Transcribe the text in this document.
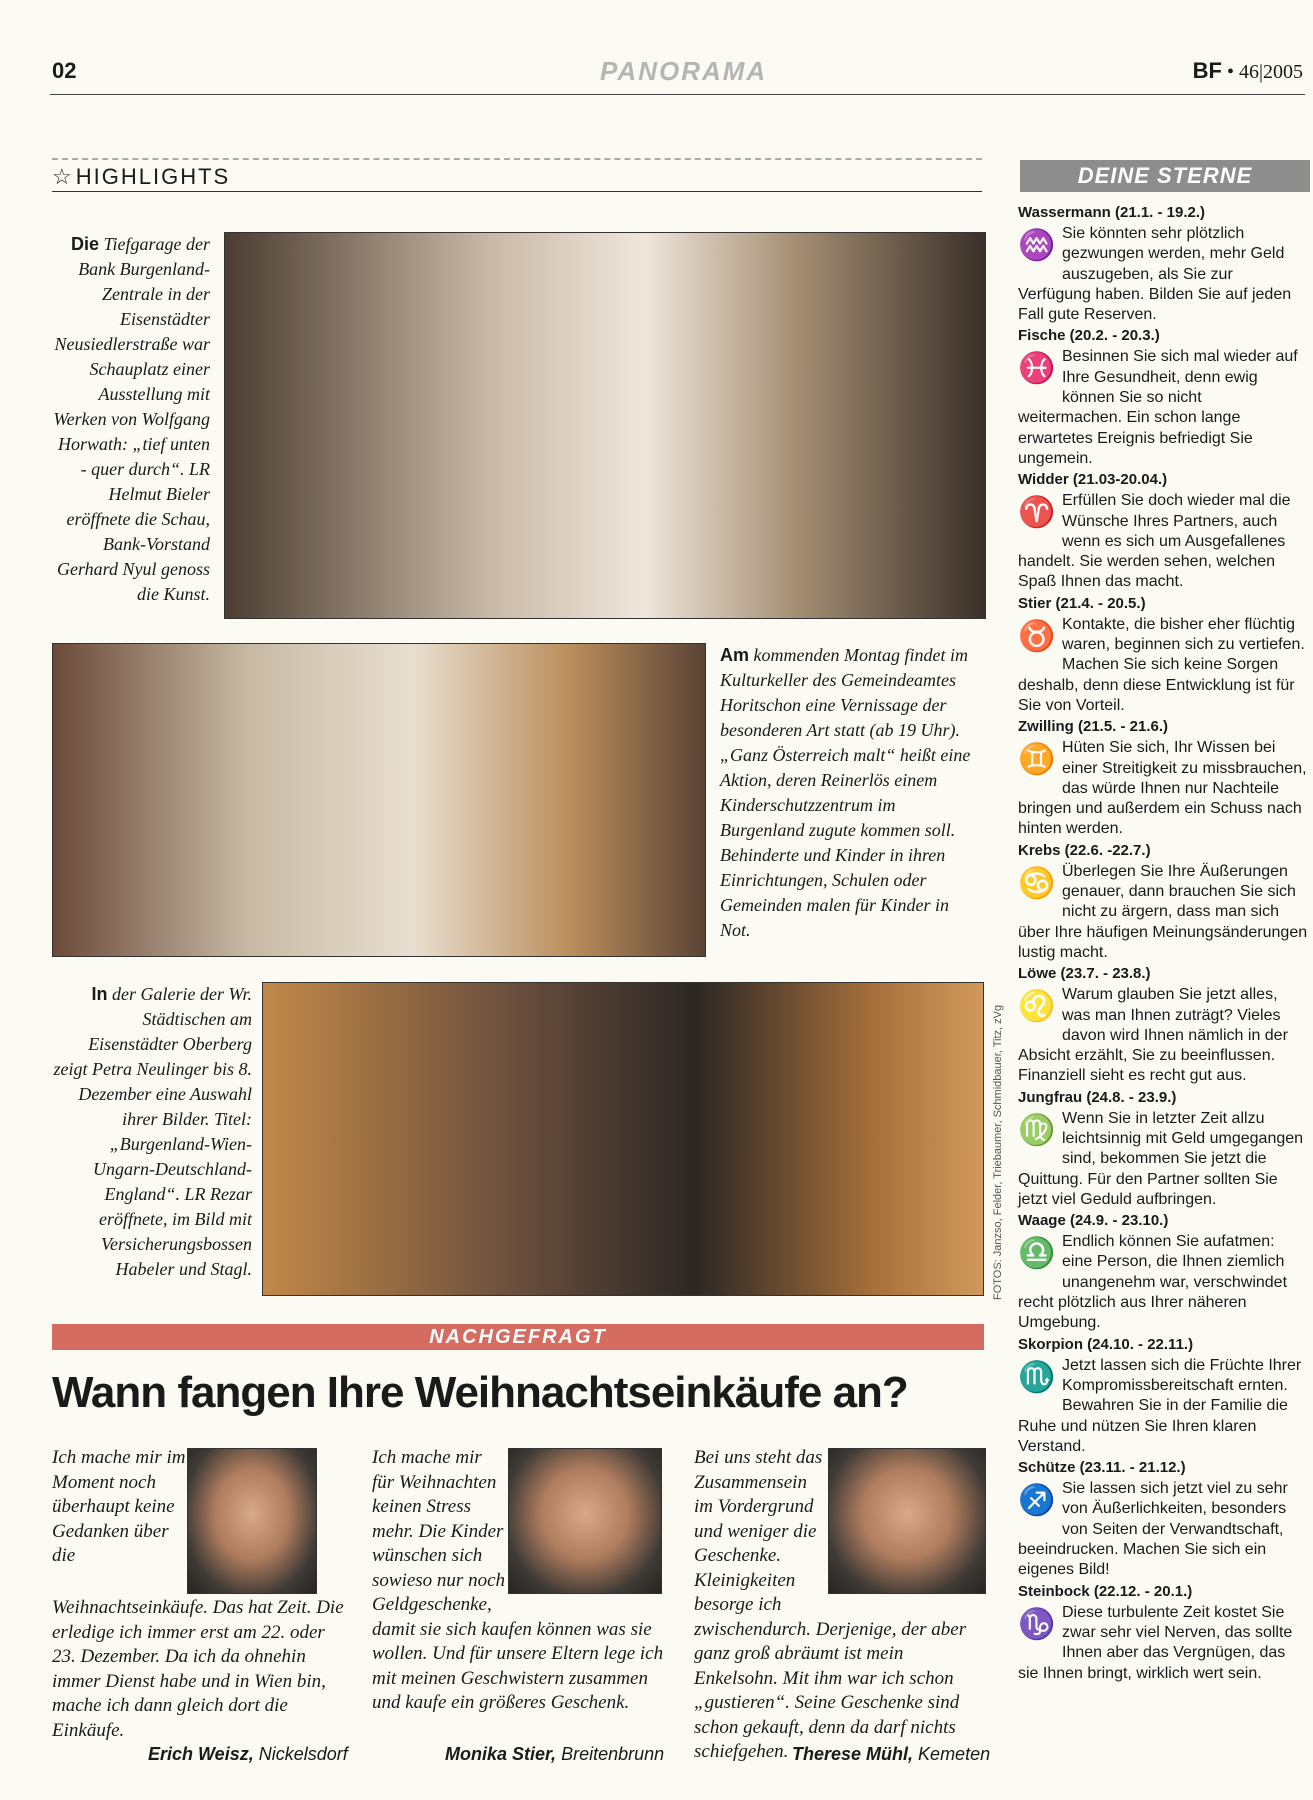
02	PANORAMA	BF • 46|2005
☆HIGHLIGHTS
Die Tiefgarage der Bank Burgenland-Zentrale in der Eisenstädter Neusiedlerstraße war Schauplatz einer Ausstellung mit Werken von Wolfgang Horwath: „tief unten - quer durch“. LR Helmut Bieler eröffnete die Schau, Bank-Vorstand Gerhard Nyul genoss die Kunst.
Am kommenden Montag findet im Kulturkeller des Gemeindeamtes Horitschon eine Vernissage der besonderen Art statt (ab 19 Uhr). „Ganz Österreich malt“ heißt eine Aktion, deren Reinerlös einem Kinderschutzzentrum im Burgenland zugute kommen soll. Behinderte und Kinder in ihren Einrichtungen, Schulen oder Gemeinden malen für Kinder in Not.
In der Galerie der Wr. Städtischen am Eisenstädter Oberberg zeigt Petra Neulinger bis 8. Dezember eine Auswahl ihrer Bilder. Titel: „Burgenland-Wien-Ungarn-Deutschland-England“. LR Rezar eröffnete, im Bild mit Versicherungsbossen Habeler und Stagl.	FOTOS: Janzso, Felder, Triebaumer, Schmidbauer, Titz, zVg
NACHGEFRAGT
Wann fangen Ihre Weihnachtseinkäufe an?
Ich mache mir im Moment noch überhaupt keine Gedanken über die Weihnachtseinkäufe. Das hat Zeit. Die erledige ich immer erst am 22. oder 23. Dezember. Da ich da ohnehin immer Dienst habe und in Wien bin, mache ich dann gleich dort die Einkäufe.
Erich Weisz, Nickelsdorf
Ich mache mir für Weihnachten keinen Stress mehr. Die Kinder wünschen sich sowieso nur noch Geldgeschenke, damit sie sich kaufen können was sie wollen. Und für unsere Eltern lege ich mit meinen Geschwistern zusammen und kaufe ein größeres Geschenk.
Monika Stier, Breitenbrunn
Bei uns steht das Zusammensein im Vordergrund und weniger die Geschenke. Kleinigkeiten besorge ich zwischendurch. Derjenige, der aber ganz groß abräumt ist mein Enkelsohn. Mit ihm war ich schon „gustieren“. Seine Geschenke sind schon gekauft, denn da darf nichts schiefgehen. Therese Mühl, Kemeten
DEINE STERNE
Wassermann (21.1. - 19.2.)
♒ Sie könnten sehr plötzlich gezwungen werden, mehr Geld auszugeben, als Sie zur Verfügung haben. Bilden Sie auf jeden Fall gute Reserven.
Fische (20.2. - 20.3.)
♓ Besinnen Sie sich mal wieder auf Ihre Gesundheit, denn ewig können Sie so nicht weitermachen. Ein schon lange erwartetes Ereignis befriedigt Sie ungemein.
Widder (21.03-20.04.)
♈ Erfüllen Sie doch wieder mal die Wünsche Ihres Partners, auch wenn es sich um Ausgefallenes handelt. Sie werden sehen, welchen Spaß Ihnen das macht.
Stier (21.4. - 20.5.)
♉ Kontakte, die bisher eher flüchtig waren, beginnen sich zu vertiefen. Machen Sie sich keine Sorgen deshalb, denn diese Entwicklung ist für Sie von Vorteil.
Zwilling (21.5. - 21.6.)
♊ Hüten Sie sich, Ihr Wissen bei einer Streitigkeit zu missbrauchen, das würde Ihnen nur Nachteile bringen und außerdem ein Schuss nach hinten werden.
Krebs (22.6. -22.7.)
♋ Überlegen Sie Ihre Äußerungen genauer, dann brauchen Sie sich nicht zu ärgern, dass man sich über Ihre häufigen Meinungsänderungen lustig macht.
Löwe (23.7. - 23.8.)
♌ Warum glauben Sie jetzt alles, was man Ihnen zuträgt? Vieles davon wird Ihnen nämlich in der Absicht erzählt, Sie zu beeinflussen. Finanziell sieht es recht gut aus.
Jungfrau (24.8. - 23.9.)
♍ Wenn Sie in letzter Zeit allzu leichtsinnig mit Geld umgegangen sind, bekommen Sie jetzt die Quittung. Für den Partner sollten Sie jetzt viel Geduld aufbringen.
Waage (24.9. - 23.10.)
♎ Endlich können Sie aufatmen: eine Person, die Ihnen ziemlich unangenehm war, verschwindet recht plötzlich aus Ihrer näheren Umgebung.
Skorpion (24.10. - 22.11.)
♏ Jetzt lassen sich die Früchte Ihrer Kompromissbereitschaft ernten. Bewahren Sie in der Familie die Ruhe und nützen Sie Ihren klaren Verstand.
Schütze (23.11. - 21.12.)
♐ Sie lassen sich jetzt viel zu sehr von Äußerlichkeiten, besonders von Seiten der Verwandtschaft, beeindrucken. Machen Sie sich ein eigenes Bild!
Steinbock (22.12. - 20.1.)
♑ Diese turbulente Zeit kostet Sie zwar sehr viel Nerven, das sollte Ihnen aber das Vergnügen, das sie Ihnen bringt, wirklich wert sein.
